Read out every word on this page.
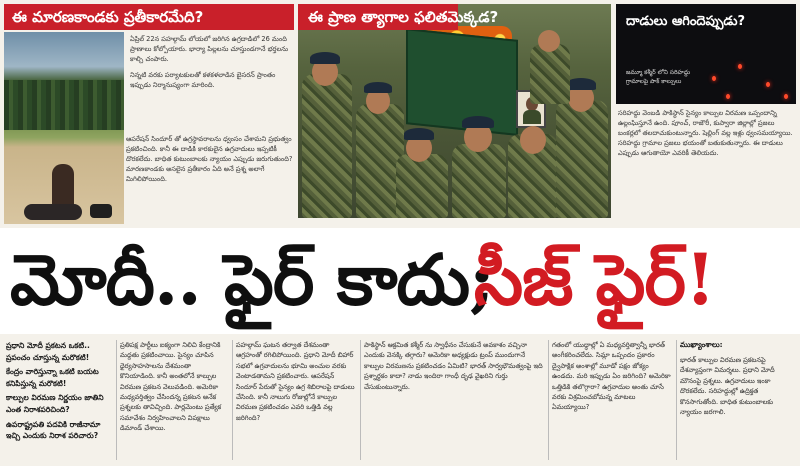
ఈ మారణకాండకు ప్రతీకారమేది?

ఏప్రిల్ 22న పహల్గామ్ లోయలో జరిగిన ఉగ్రదాడిలో 26 మంది ప్రాణాలు కోల్పోయారు. భార్యా పిల్లలను చూస్తుండగానే భర్తలను కాల్చి చంపారు.

నిన్నటి వరకు పర్యాటకులతో కళకళలాడిన బైసరన్ ప్రాంతం ఇప్పుడు నిర్మానుష్యంగా మారింది.

ఆపరేషన్ సిందూర్ తో ఉగ్రస్థావరాలను ధ్వంసం చేశామని ప్రభుత్వం ప్రకటించింది. కానీ ఈ దాడికి కారకులైన ఉగ్రవాదులు ఇప్పటికీ దొరకలేదు. బాధిత కుటుంబాలకు న్యాయం ఎప్పుడు జరుగుతుంది? మారణకాండకు అసలైన ప్రతీకారం ఏది అనే ప్రశ్న అలాగే మిగిలిపోయింది.

ఈ ప్రాణ త్యాగాల ఫలితమెక్కడ?	దాడులు ఆగిందెప్పుడు?
జమ్మూ కశ్మీర్ లోని సరిహద్దు గ్రామాలపై పాక్ కాల్పులు
సరిహద్దు వెంబడి పాకిస్థాన్ సైన్యం కాల్పుల విరమణ ఒప్పందాన్ని ఉల్లంఘిస్తూనే ఉంది. పూంచ్, రాజౌరీ, కుప్వారా జిల్లాల్లో ప్రజలు బంకర్లలో తలదాచుకుంటున్నారు. షెల్లింగ్ వల్ల ఇళ్లు ధ్వంసమయ్యాయి. సరిహద్దు గ్రామాల ప్రజలు భయంతో బతుకుతున్నారు. ఈ దాడులు ఎప్పుడు ఆగుతాయో ఎవరికీ తెలియదు.
మోదీ.. ఫైర్ కాదు;
సీజ్ ఫైర్!

ప్రధాని మోదీ ప్రకటన ఒకటి.. ప్రపంచం చూస్తున్న మరొకటి!

కేంద్రం వారిస్తున్నా ఒకటి బయట కనిపిస్తున్న మరొకటి!

కాల్పుల విరమణ నిర్ణయం జాతిని ఎంత నిరాశపరిచింది?

ఉపరాష్ట్రపతి పదవికి రాజీనామా ఇచ్చి ఎందుకు నిరాశ పరిచారు?

ప్రతిపక్ష పార్టీలు ఐక్యంగా నిలిచి కేంద్రానికి మద్దతు ప్రకటించాయి. సైన్యం చూపిన ధైర్యసాహసాలను దేశమంతా కొనియాడింది. కానీ అంతలోనే కాల్పుల విరమణ ప్రకటన వెలువడింది. అమెరికా మధ్యవర్తిత్వం చేసిందన్న ప్రకటన అనేక ప్రశ్నలకు తావిచ్చింది. పార్లమెంటు ప్రత్యేక సమావేశం నిర్వహించాలని విపక్షాలు డిమాండ్ చేశాయి.
పహల్గామ్ ఘటన తర్వాత దేశమంతా ఆగ్రహంతో రగిలిపోయింది. ప్రధాని మోదీ బిహార్ సభలో ఉగ్రవాదులను భూమి అంచుల వరకు వెంటాడతామని ప్రకటించారు. ఆపరేషన్ సిందూర్ పేరుతో సైన్యం ఉగ్ర శిబిరాలపై దాడులు చేసింది. కానీ నాలుగు రోజుల్లోనే కాల్పుల విరమణ ప్రకటించడం ఎవరి ఒత్తిడి వల్ల జరిగింది?
పాకిస్థాన్ ఆక్రమిత కశ్మీర్ ను స్వాధీనం చేసుకునే అవకాశం వచ్చినా ఎందుకు వెనక్కి తగ్గారు? అమెరికా అధ్యక్షుడు ట్రంప్ ముందుగానే కాల్పుల విరమణను ప్రకటించడం ఏమిటి? భారత్ సార్వభౌమత్వంపై ఇది ప్రశ్నార్థకం కాదా? నాడు ఇందిరా గాంధీ దృఢ వైఖరిని గుర్తు చేసుకుంటున్నారు.
గతంలో యుద్ధాల్లో ఏ మధ్యవర్తిత్వాన్నీ భారత్ అంగీకరించలేదు. సిమ్లా ఒప్పందం ప్రకారం ద్వైపాక్షిక అంశాల్లో మూడో పక్షం జోక్యం ఉండదు. మరి ఇప్పుడు ఏం జరిగింది? అమెరికా ఒత్తిడికి తలొగ్గారా? ఉగ్రవాదుల అంతు చూసే వరకు విశ్రమించబోమన్న మాటలు ఏమయ్యాయి?
ముఖ్యాంశాలు:
భారత్ కాల్పుల విరమణ ప్రకటనపై దేశవ్యాప్తంగా విమర్శలు. ప్రధాని మోదీ మౌనంపై ప్రశ్నలు. ఉగ్రవాదులు ఇంకా దొరకలేదు. సరిహద్దుల్లో ఉద్రిక్తత కొనసాగుతోంది. బాధిత కుటుంబాలకు న్యాయం జరగాలి.
